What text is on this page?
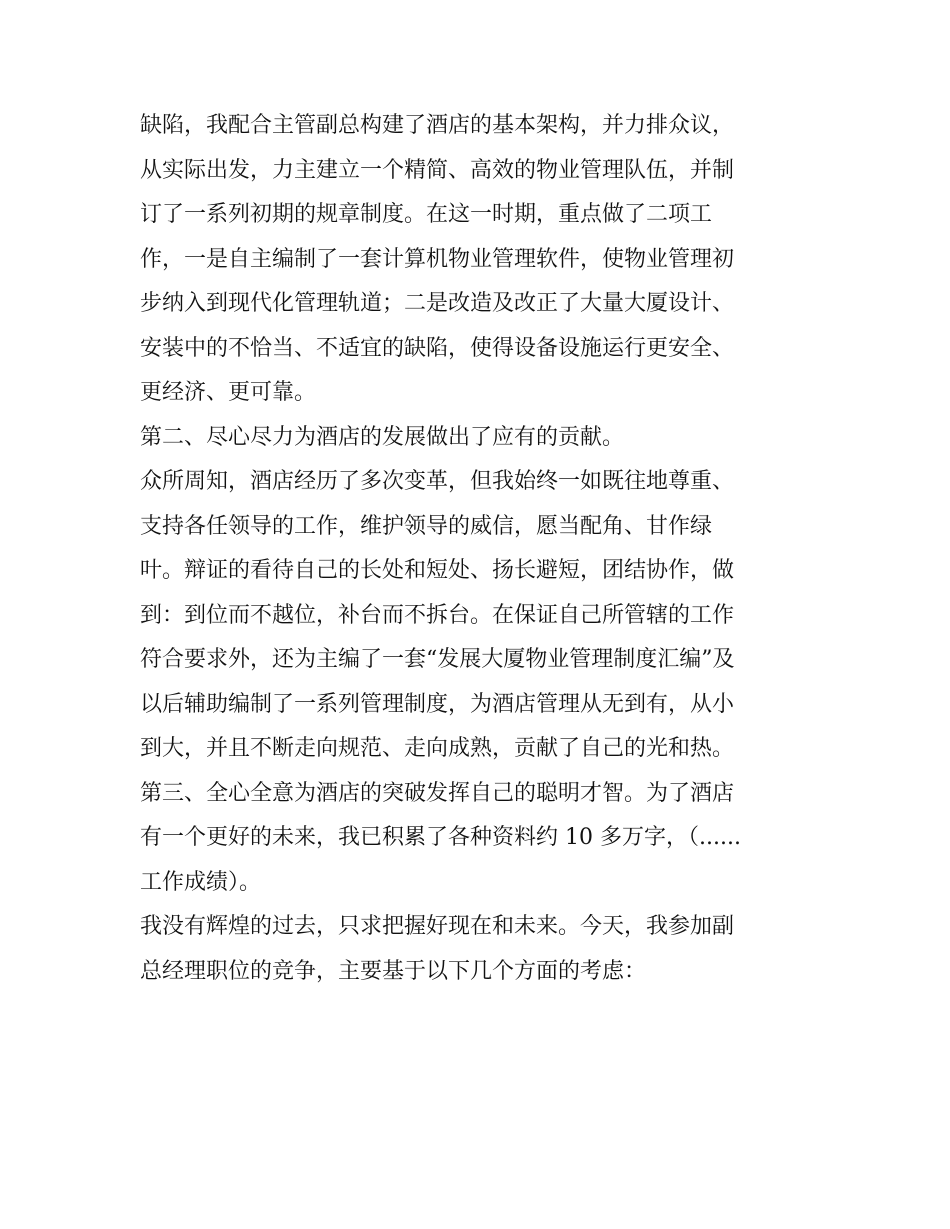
缺陷，我配合主管副总构建了酒店的基本架构，并力排众议，
从实际出发，力主建立一个精简、高效的物业管理队伍，并制
订了一系列初期的规章制度。在这一时期，重点做了二项工
作，一是自主编制了一套计算机物业管理软件，使物业管理初
步纳入到现代化管理轨道；二是改造及改正了大量大厦设计、
安装中的不恰当、不适宜的缺陷，使得设备设施运行更安全、
更经济、更可靠。
第二、尽心尽力为酒店的发展做出了应有的贡献。
众所周知，酒店经历了多次变革，但我始终一如既往地尊重、
支持各任领导的工作，维护领导的威信，愿当配角、甘作绿
叶。辩证的看待自己的长处和短处、扬长避短，团结协作，做
到：到位而不越位，补台而不拆台。在保证自己所管辖的工作
符合要求外，还为主编了一套“发展大厦物业管理制度汇编”及
以后辅助编制了一系列管理制度，为酒店管理从无到有，从小
到大，并且不断走向规范、走向成熟，贡献了自己的光和热。
第三、全心全意为酒店的突破发挥自己的聪明才智。为了酒店
有一个更好的未来，我已积累了各种资料约 10 多万字，（......
工作成绩）。
我没有辉煌的过去，只求把握好现在和未来。今天，我参加副
总经理职位的竞争，主要基于以下几个方面的考虑：
